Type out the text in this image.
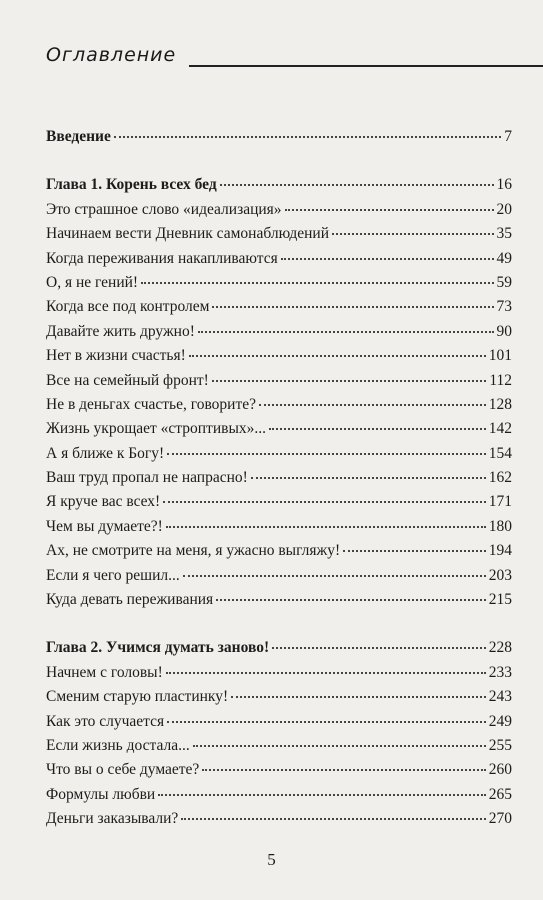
Оглавление
Введение	7
Глава 1. Корень всех бед	16
Это страшное слово «идеализация»	20
Начинаем вести Дневник самонаблюдений	35
Когда переживания накапливаются	49
О, я не гений!	59
Когда все под контролем	73
Давайте жить дружно!	90
Нет в жизни счастья!	101
Все на семейный фронт!	112
Не в деньгах счастье, говорите?	128
Жизнь укрощает «строптивых»...	142
А я ближе к Богу!	154
Ваш труд пропал не напрасно!	162
Я круче вас всех!	171
Чем вы думаете?!	180
Ах, не смотрите на меня, я ужасно выгляжу!	194
Если я чего решил...	203
Куда девать переживания	215
Глава 2. Учимся думать заново!	228
Начнем с головы!	233
Сменим старую пластинку!	243
Как это случается	249
Если жизнь достала...	255
Что вы о себе думаете?	260
Формулы любви	265
Деньги заказывали?	270
5
